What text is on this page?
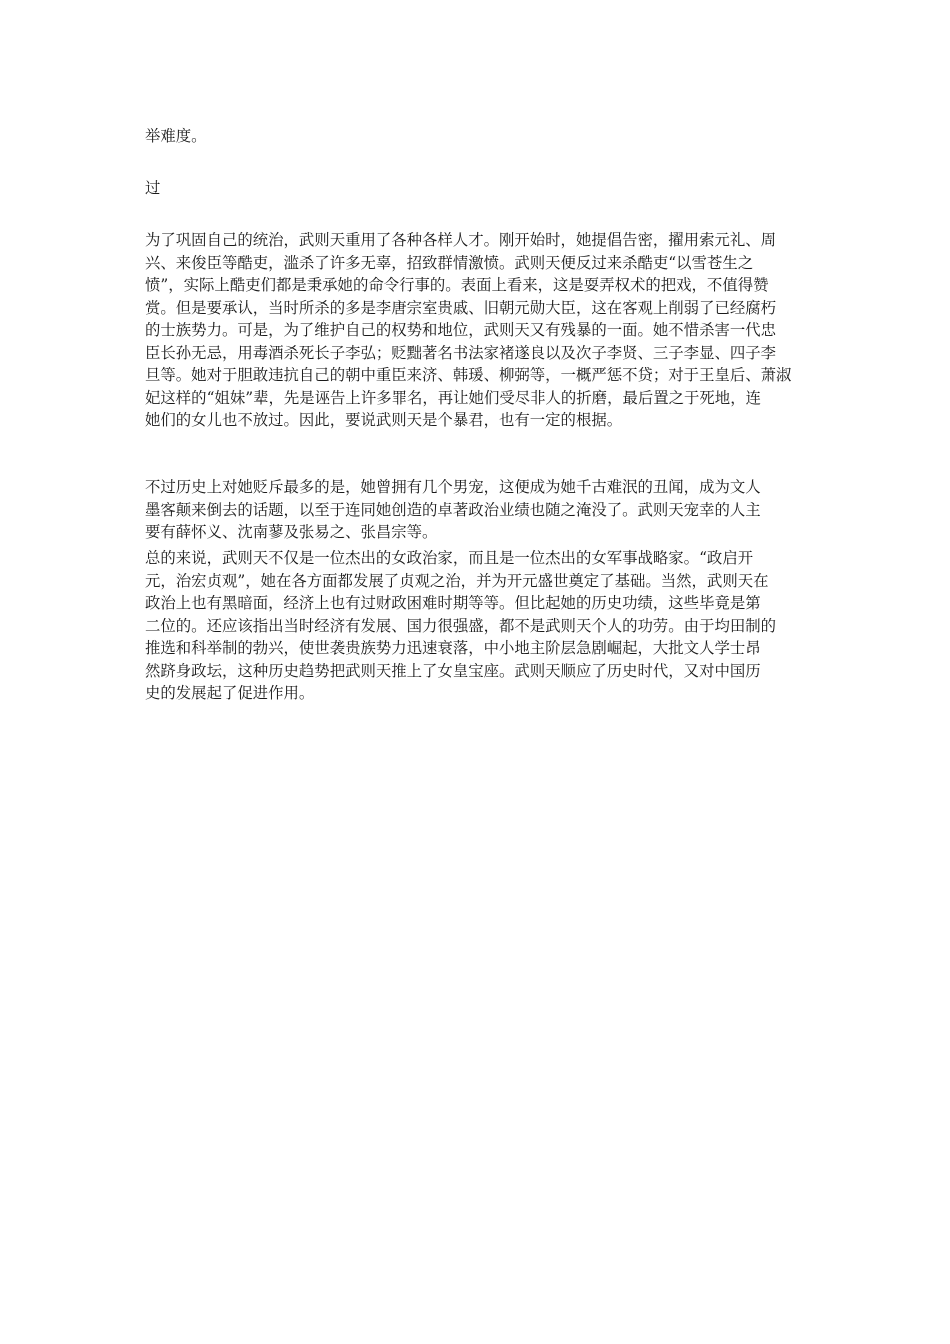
举难度。
过
为了巩固自己的统治，武则天重用了各种各样人才。刚开始时，她提倡告密，擢用索元礼、周
兴、来俊臣等酷吏，滥杀了许多无辜，招致群情激愤。武则天便反过来杀酷吏“以雪苍生之
愤”，实际上酷吏们都是秉承她的命令行事的。表面上看来，这是耍弄权术的把戏，不值得赞
赏。但是要承认，当时所杀的多是李唐宗室贵戚、旧朝元勋大臣，这在客观上削弱了已经腐朽
的士族势力。可是，为了维护自己的权势和地位，武则天又有残暴的一面。她不惜杀害一代忠
臣长孙无忌，用毒酒杀死长子李弘；贬黜著名书法家褚遂良以及次子李贤、三子李显、四子李
旦等。她对于胆敢违抗自己的朝中重臣来济、韩瑗、柳弼等，一概严惩不贷；对于王皇后、萧淑
妃这样的“姐妹”辈，先是诬告上许多罪名，再让她们受尽非人的折磨，最后置之于死地，连
她们的女儿也不放过。因此，要说武则天是个暴君，也有一定的根据。
不过历史上对她贬斥最多的是，她曾拥有几个男宠，这便成为她千古难泯的丑闻，成为文人
墨客颠来倒去的话题，以至于连同她创造的卓著政治业绩也随之淹没了。武则天宠幸的人主
要有薛怀义、沈南蓼及张易之、张昌宗等。
总的来说，武则天不仅是一位杰出的女政治家，而且是一位杰出的女军事战略家。“政启开
元，治宏贞观”，她在各方面都发展了贞观之治，并为开元盛世奠定了基础。当然，武则天在
政治上也有黑暗面，经济上也有过财政困难时期等等。但比起她的历史功绩，这些毕竟是第
二位的。还应该指出当时经济有发展、国力很强盛，都不是武则天个人的功劳。由于均田制的
推选和科举制的勃兴，使世袭贵族势力迅速衰落，中小地主阶层急剧崛起，大批文人学士昂
然跻身政坛，这种历史趋势把武则天推上了女皇宝座。武则天顺应了历史时代，又对中国历
史的发展起了促进作用。
